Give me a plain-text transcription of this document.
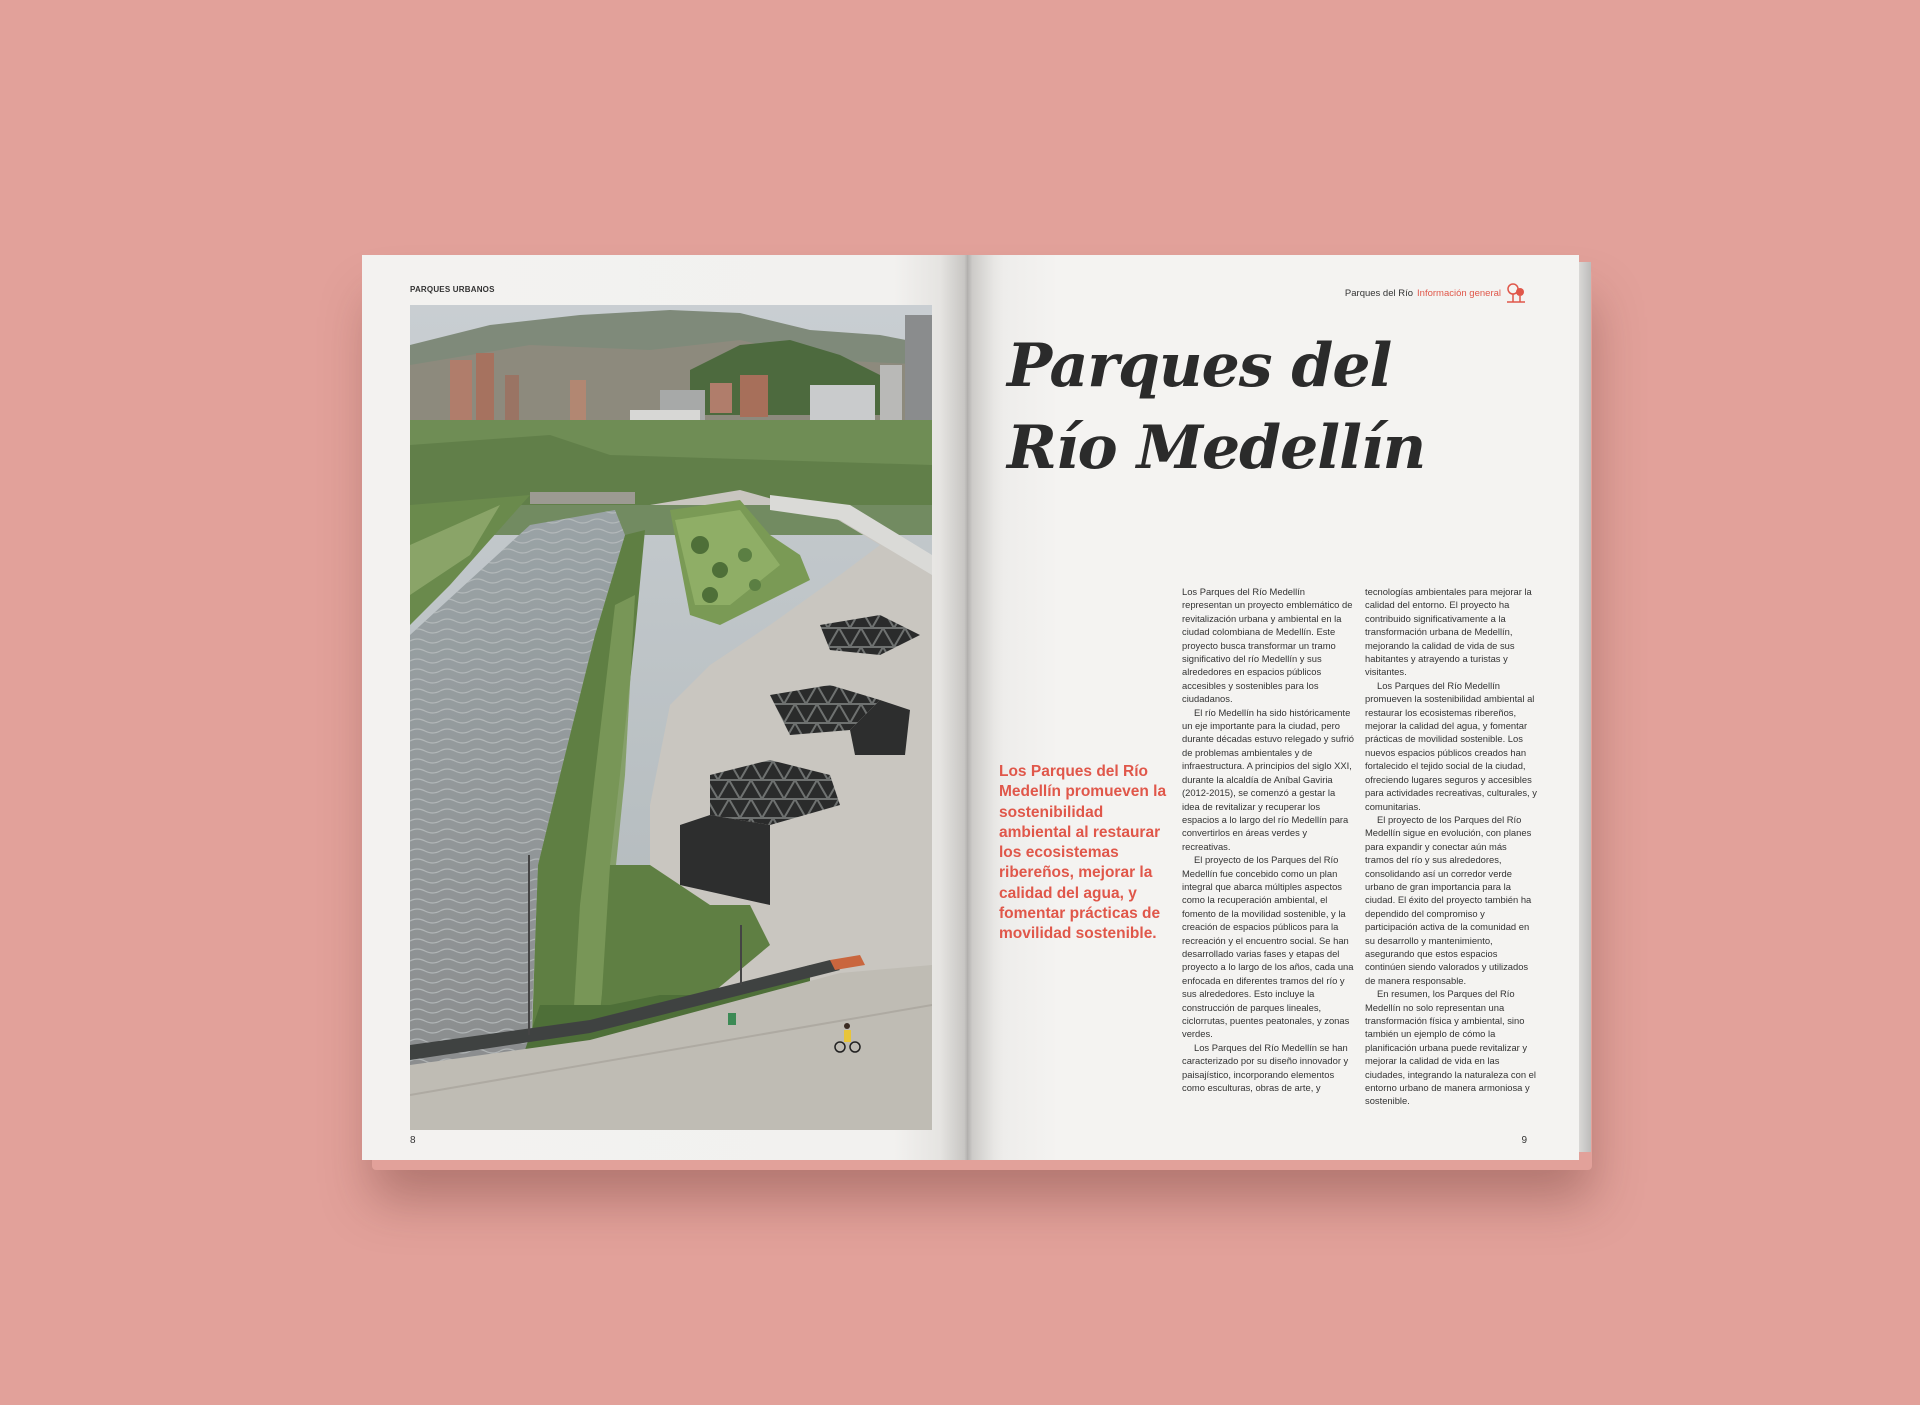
PARQUES URBANOS
8
Parques del Río Información general
Parques del
Río Medellín
Los Parques del Río Medellín promueven la sostenibilidad ambiental al restaurar los ecosistemas ribereños, mejorar la calidad del agua, y fomentar prácticas de movilidad sostenible.

Los Parques del Río Medellín representan un proyecto emblemático de revitalización urbana y ambiental en la ciudad colombiana de Medellín. Este proyecto busca transformar un tramo significativo del río Medellín y sus alrededores en espacios públicos accesibles y sostenibles para los ciudadanos.

El río Medellín ha sido históricamente un eje importante para la ciudad, pero durante décadas estuvo relegado y sufrió de problemas ambientales y de infraestructura. A principios del siglo XXI, durante la alcaldía de Aníbal Gaviria (2012-2015), se comenzó a gestar la idea de revitalizar y recuperar los espacios a lo largo del río Medellín para convertirlos en áreas verdes y recreativas.

El proyecto de los Parques del Río Medellín fue concebido como un plan integral que abarca múltiples aspectos como la recuperación ambiental, el fomento de la movilidad sostenible, y la creación de espacios públicos para la recreación y el encuentro social. Se han desarrollado varias fases y etapas del proyecto a lo largo de los años, cada una enfocada en diferentes tramos del río y sus alrededores. Esto incluye la construcción de parques lineales, ciclorrutas, puentes peatonales, y zonas verdes.

Los Parques del Río Medellín se han caracterizado por su diseño innovador y paisajístico, incorporando elementos como esculturas, obras de arte, y

tecnologías ambientales para mejorar la calidad del entorno. El proyecto ha contribuido significativamente a la transformación urbana de Medellín, mejorando la calidad de vida de sus habitantes y atrayendo a turistas y visitantes.

Los Parques del Río Medellín promueven la sostenibilidad ambiental al restaurar los ecosistemas ribereños, mejorar la calidad del agua, y fomentar prácticas de movilidad sostenible. Los nuevos espacios públicos creados han fortalecido el tejido social de la ciudad, ofreciendo lugares seguros y accesibles para actividades recreativas, culturales, y comunitarias.

El proyecto de los Parques del Río Medellín sigue en evolución, con planes para expandir y conectar aún más tramos del río y sus alrededores, consolidando así un corredor verde urbano de gran importancia para la ciudad. El éxito del proyecto también ha dependido del compromiso y participación activa de la comunidad en su desarrollo y mantenimiento, asegurando que estos espacios continúen siendo valorados y utilizados de manera responsable.

En resumen, los Parques del Río Medellín no solo representan una transformación física y ambiental, sino también un ejemplo de cómo la planificación urbana puede revitalizar y mejorar la calidad de vida en las ciudades, integrando la naturaleza con el entorno urbano de manera armoniosa y sostenible.

9
